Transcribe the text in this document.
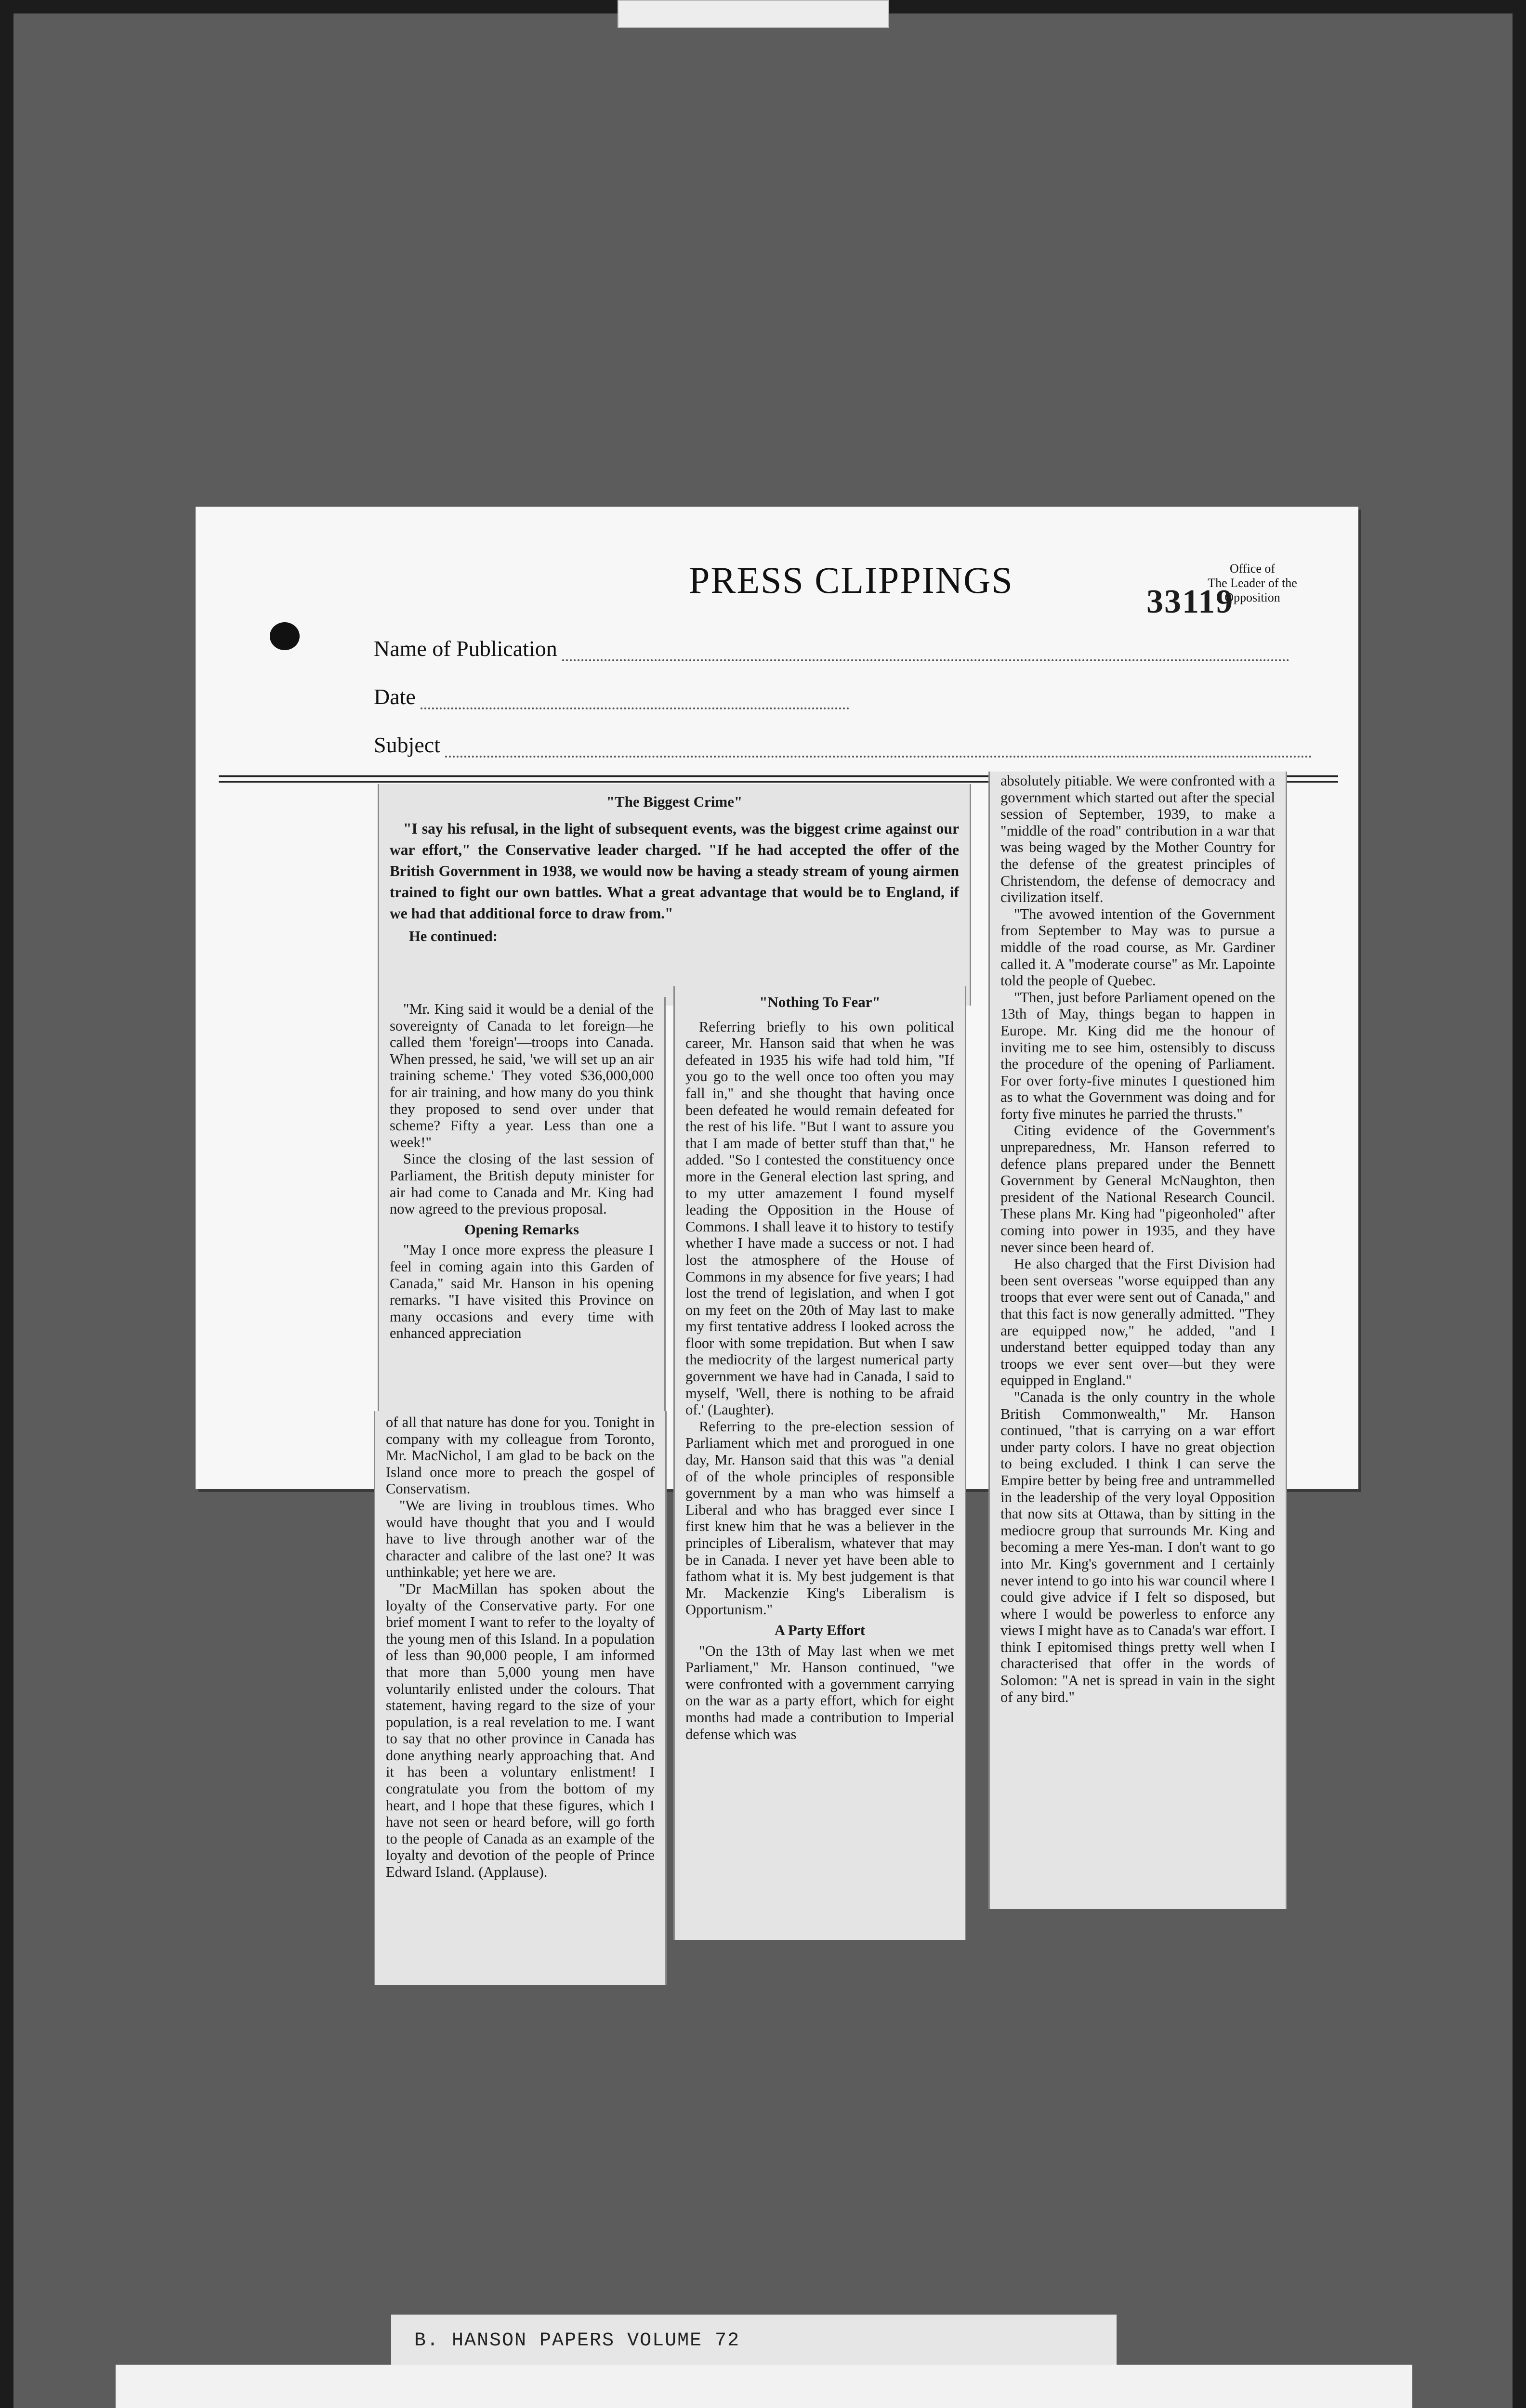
PRESS CLIPPINGS	Office of
The Leader of the Opposition
33119
Name of Publication
Date
Subject
"The Biggest Crime"

"I say his refusal, in the light of subsequent events, was the biggest crime against our war effort," the Conservative leader charged. "If he had accepted the offer of the British Government in 1938, we would now be having a steady stream of young airmen trained to fight our own battles. What a great advantage that would be to England, if we had that additional force to draw from."

He continued:

"Mr. King said it would be a denial of the sovereignty of Canada to let foreign—he called them 'foreign'—troops into Canada. When pressed, he said, 'we will set up an air training scheme.' They voted $36,000,000 for air training, and how many do you think they proposed to send over under that scheme? Fifty a year. Less than one a week!"

Since the closing of the last session of Parliament, the British deputy minister for air had come to Canada and Mr. King had now agreed to the previous proposal.

Opening Remarks

"May I once more express the pleasure I feel in coming again into this Garden of Canada," said Mr. Hanson in his opening remarks. "I have visited this Province on many occasions and every time with enhanced appreciation

of all that nature has done for you. Tonight in company with my colleague from Toronto, Mr. MacNichol, I am glad to be back on the Island once more to preach the gospel of Conservatism.

"We are living in troublous times. Who would have thought that you and I would have to live through another war of the character and calibre of the last one? It was unthinkable; yet here we are.

"Dr MacMillan has spoken about the loyalty of the Conservative party. For one brief moment I want to refer to the loyalty of the young men of this Island. In a population of less than 90,000 people, I am informed that more than 5,000 young men have voluntarily enlisted under the colours. That statement, having regard to the size of your population, is a real revelation to me. I want to say that no other province in Canada has done anything nearly approaching that. And it has been a voluntary enlistment! I congratulate you from the bottom of my heart, and I hope that these figures, which I have not seen or heard before, will go forth to the people of Canada as an example of the loyalty and devotion of the people of Prince Edward Island. (Applause).

"Nothing To Fear"

Referring briefly to his own political career, Mr. Hanson said that when he was defeated in 1935 his wife had told him, "If you go to the well once too often you may fall in," and she thought that having once been defeated he would remain defeated for the rest of his life. "But I want to assure you that I am made of better stuff than that," he added. "So I contested the constituency once more in the General election last spring, and to my utter amazement I found myself leading the Opposition in the House of Commons. I shall leave it to history to testify whether I have made a success or not. I had lost the atmosphere of the House of Commons in my absence for five years; I had lost the trend of legislation, and when I got on my feet on the 20th of May last to make my first tentative address I looked across the floor with some trepidation. But when I saw the mediocrity of the largest numerical party government we have had in Canada, I said to myself, 'Well, there is nothing to be afraid of.' (Laughter).

Referring to the pre-election session of Parliament which met and prorogued in one day, Mr. Hanson said that this was "a denial of of the whole principles of responsible government by a man who was himself a Liberal and who has bragged ever since I first knew him that he was a believer in the principles of Liberalism, whatever that may be in Canada. I never yet have been able to fathom what it is. My best judgement is that Mr. Mackenzie King's Liberalism is Opportunism."

A Party Effort

"On the 13th of May last when we met Parliament," Mr. Hanson continued, "we were confronted with a government carrying on the war as a party effort, which for eight months had made a contribution to Imperial defense which was

absolutely pitiable. We were confronted with a government which started out after the special session of September, 1939, to make a "middle of the road" contribution in a war that was being waged by the Mother Country for the defense of the greatest principles of Christendom, the defense of democracy and civilization itself.

"The avowed intention of the Government from September to May was to pursue a middle of the road course, as Mr. Gardiner called it. A "moderate course" as Mr. Lapointe told the people of Quebec.

"Then, just before Parliament opened on the 13th of May, things began to happen in Europe. Mr. King did me the honour of inviting me to see him, ostensibly to discuss the procedure of the opening of Parliament. For over forty-five minutes I questioned him as to what the Government was doing and for forty five minutes he parried the thrusts."

Citing evidence of the Government's unpreparedness, Mr. Hanson referred to defence plans prepared under the Bennett Government by General McNaughton, then president of the National Research Council. These plans Mr. King had "pigeonholed" after coming into power in 1935, and they have never since been heard of.

He also charged that the First Division had been sent overseas "worse equipped than any troops that ever were sent out of Canada," and that this fact is now generally admitted. "They are equipped now," he added, "and I understand better equipped today than any troops we ever sent over—but they were equipped in England."

"Canada is the only country in the whole British Commonwealth," Mr. Hanson continued, "that is carrying on a war effort under party colors. I have no great objection to being excluded. I think I can serve the Empire better by being free and untrammelled in the leadership of the very loyal Opposition that now sits at Ottawa, than by sitting in the mediocre group that surrounds Mr. King and becoming a mere Yes-man. I don't want to go into Mr. King's government and I certainly never intend to go into his war council where I could give advice if I felt so disposed, but where I would be powerless to enforce any views I might have as to Canada's war effort. I think I epitomised things pretty well when I characterised that offer in the words of Solomon: "A net is spread in vain in the sight of any bird."

B. HANSON PAPERS VOLUME 72
